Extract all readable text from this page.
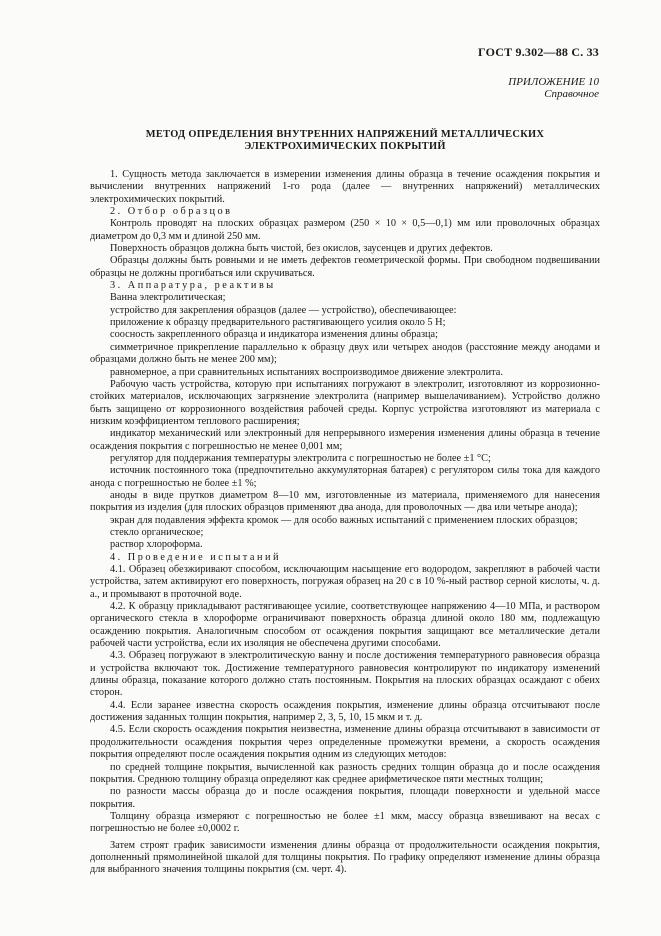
ГОСТ 9.302—88 С. 33
ПРИЛОЖЕНИЕ 10
Справочное
МЕТОД ОПРЕДЕЛЕНИЯ ВНУТРЕННИХ НАПРЯЖЕНИЙ МЕТАЛЛИЧЕСКИХ
ЭЛЕКТРОХИМИЧЕСКИХ ПОКРЫТИЙ

1. Сущность метода заключается в измерении изменения длины образца в течение осаждения покрытия и вычислении внутренних напряжений 1-го рода (далее — внутренних напряжений) металлических электрохимических покрытий.

2. Отбор образцов

Контроль проводят на плоских образцах размером (250 × 10 × 0,5—0,1) мм или проволочных образцах диаметром до 0,3 мм и длиной 250 мм.

Поверхность образцов должна быть чистой, без окислов, заусенцев и других дефектов.

Образцы должны быть ровными и не иметь дефектов геометрической формы. При свободном подвешивании образцы не должны прогибаться или скручиваться.

3. Аппаратура, реактивы

Ванна электролитическая;

устройство для закрепления образцов (далее — устройство), обеспечивающее:

приложение к образцу предварительного растягивающего усилия около 5 Н;

соосность закрепленного образца и индикатора изменения длины образца;

симметричное прикрепление параллельно к образцу двух или четырех анодов (расстояние между анодами и образцами должно быть не менее 200 мм);

равномерное, а при сравнительных испытаниях воспроизводимое движение электролита.

Рабочую часть устройства, которую при испытаниях погружают в электролит, изготовляют из коррозионно-стойких материалов, исключающих загрязнение электролита (например вышелачиванием). Устройство должно быть защищено от коррозионного воздействия рабочей среды. Корпус устройства изготовляют из материала с низким коэффициентом теплового расширения;

индикатор механический или электронный для непрерывного измерения изменения длины образца в течение осаждения покрытия с погрешностью не менее 0,001 мм;

регулятор для поддержания температуры электролита с погрешностью не более ±1 °С;

источник постоянного тока (предпочтительно аккумуляторная батарея) с регулятором силы тока для каждого анода с погрешностью не более ±1 %;

аноды в виде прутков диаметром 8—10 мм, изготовленные из материала, применяемого для нанесения покрытия из изделия (для плоских образцов применяют два анода, для проволочных — два или четыре анода);

экран для подавления эффекта кромок — для особо важных испытаний с применением плоских образцов;

стекло органическое;

раствор хлороформа.

4. Проведение испытаний

4.1. Образец обезжиривают способом, исключающим насыщение его водородом, закрепляют в рабочей части устройства, затем активируют его поверхность, погружая образец на 20 с в 10 %-ный раствор серной кислоты, ч. д. а., и промывают в проточной воде.

4.2. К образцу прикладывают растягивающее усилие, соответствующее напряжению 4—10 МПа, и раствором органического стекла в хлороформе ограничивают поверхность образца длиной около 180 мм, подлежащую осаждению покрытия. Аналогичным способом от осаждения покрытия защищают все металлические детали рабочей части устройства, если их изоляция не обеспечена другими способами.

4.3. Образец погружают в электролитическую ванну и после достижения температурного равновесия образца и устройства включают ток. Достижение температурного равновесия контролируют по индикатору изменений длины образца, показание которого должно стать постоянным. Покрытия на плоских образцах осаждают с обеих сторон.

4.4. Если заранее известна скорость осаждения покрытия, изменение длины образца отсчитывают после достижения заданных толщин покрытия, например 2, 3, 5, 10, 15 мкм и т. д.

4.5. Если скорость осаждения покрытия неизвестна, изменение длины образца отсчитывают в зависимости от продолжительности осаждения покрытия через определенные промежутки времени, а скорость осаждения покрытия определяют после осаждения покрытия одним из следующих методов:

по средней толщине покрытия, вычисленной как разность средних толщин образца до и после осаждения покрытия. Среднюю толщину образца определяют как среднее арифметическое пяти местных толщин;

по разности массы образца до и после осаждения покрытия, площади поверхности и удельной массе покрытия.

Толщину образца измеряют с погрешностью не более ±1 мкм, массу образца взвешивают на весах с погрешностью не более ±0,0002 г.

Затем строят график зависимости изменения длины образца от продолжительности осаждения покрытия, дополненный прямолинейной шкалой для толщины покрытия. По графику определяют изменение длины образца для выбранного значения толщины покрытия (см. черт. 4).
